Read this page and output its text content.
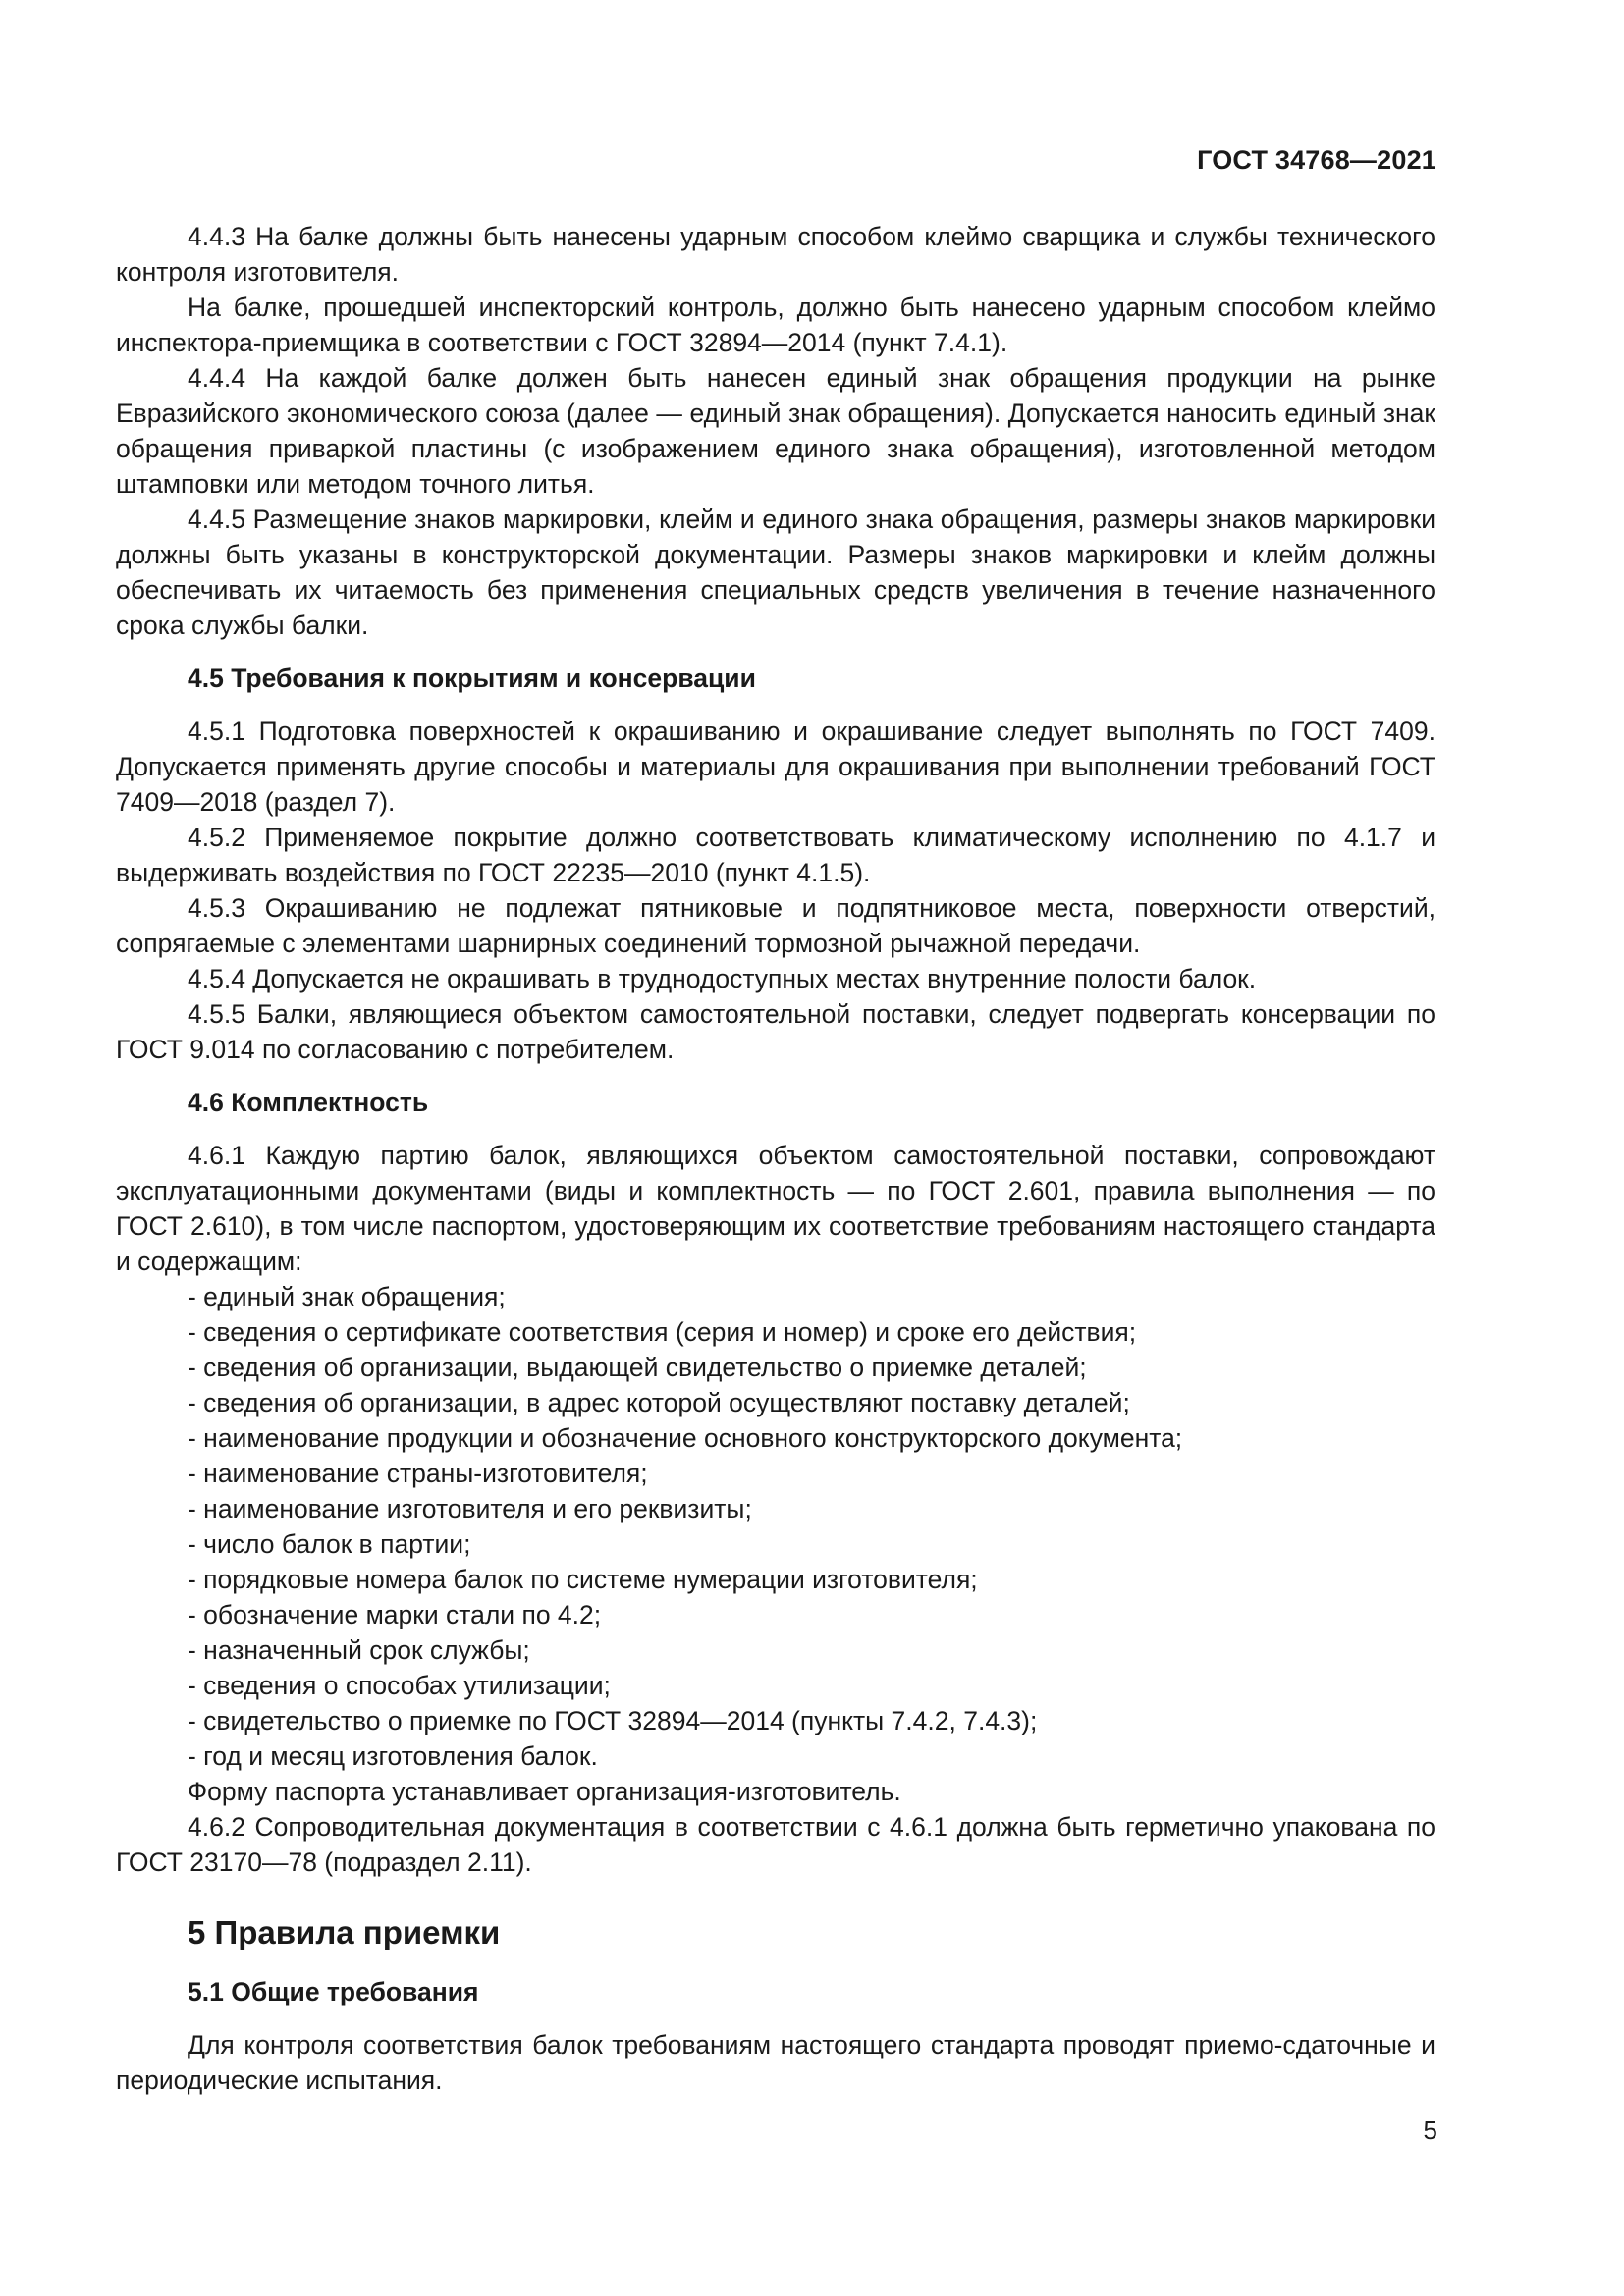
ГОСТ 34768—2021

4.4.3 На балке должны быть нанесены ударным способом клеймо сварщика и службы технического контроля изготовителя.

На балке, прошедшей инспекторский контроль, должно быть нанесено ударным способом клеймо инспектора-приемщика в соответствии с ГОСТ 32894—2014 (пункт 7.4.1).

4.4.4 На каждой балке должен быть нанесен единый знак обращения продукции на рынке Евразийского экономического союза (далее — единый знак обращения). Допускается наносить единый знак обращения приваркой пластины (с изображением единого знака обращения), изготовленной методом штамповки или методом точного литья.

4.4.5 Размещение знаков маркировки, клейм и единого знака обращения, размеры знаков маркировки должны быть указаны в конструкторской документации. Размеры знаков маркировки и клейм должны обеспечивать их читаемость без применения специальных средств увеличения в течение назначенного срока службы балки.

4.5 Требования к покрытиям и консервации

4.5.1 Подготовка поверхностей к окрашиванию и окрашивание следует выполнять по ГОСТ 7409. Допускается применять другие способы и материалы для окрашивания при выполнении требований ГОСТ 7409—2018 (раздел 7).

4.5.2 Применяемое покрытие должно соответствовать климатическому исполнению по 4.1.7 и выдерживать воздействия по ГОСТ 22235—2010 (пункт 4.1.5).

4.5.3 Окрашиванию не подлежат пятниковые и подпятниковое места, поверхности отверстий, сопрягаемые с элементами шарнирных соединений тормозной рычажной передачи.

4.5.4 Допускается не окрашивать в труднодоступных местах внутренние полости балок.

4.5.5 Балки, являющиеся объектом самостоятельной поставки, следует подвергать консервации по ГОСТ 9.014 по согласованию с потребителем.

4.6 Комплектность

4.6.1 Каждую партию балок, являющихся объектом самостоятельной поставки, сопровождают эксплуатационными документами (виды и комплектность — по ГОСТ 2.601, правила выполнения — по ГОСТ 2.610), в том числе паспортом, удостоверяющим их соответствие требованиям настоящего стандарта и содержащим:

- единый знак обращения;
- сведения о сертификате соответствия (серия и номер) и сроке его действия;
- сведения об организации, выдающей свидетельство о приемке деталей;
- сведения об организации, в адрес которой осуществляют поставку деталей;
- наименование продукции и обозначение основного конструкторского документа;
- наименование страны-изготовителя;
- наименование изготовителя и его реквизиты;
- число балок в партии;
- порядковые номера балок по системе нумерации изготовителя;
- обозначение марки стали по 4.2;
- назначенный срок службы;
- сведения о способах утилизации;
- свидетельство о приемке по ГОСТ 32894—2014 (пункты 7.4.2, 7.4.3);
- год и месяц изготовления балок.

Форму паспорта устанавливает организация-изготовитель.

4.6.2 Сопроводительная документация в соответствии с 4.6.1 должна быть герметично упакована по ГОСТ 23170—78 (подраздел 2.11).

5 Правила приемки

5.1 Общие требования

Для контроля соответствия балок требованиям настоящего стандарта проводят приемо-сдаточные и периодические испытания.

5
